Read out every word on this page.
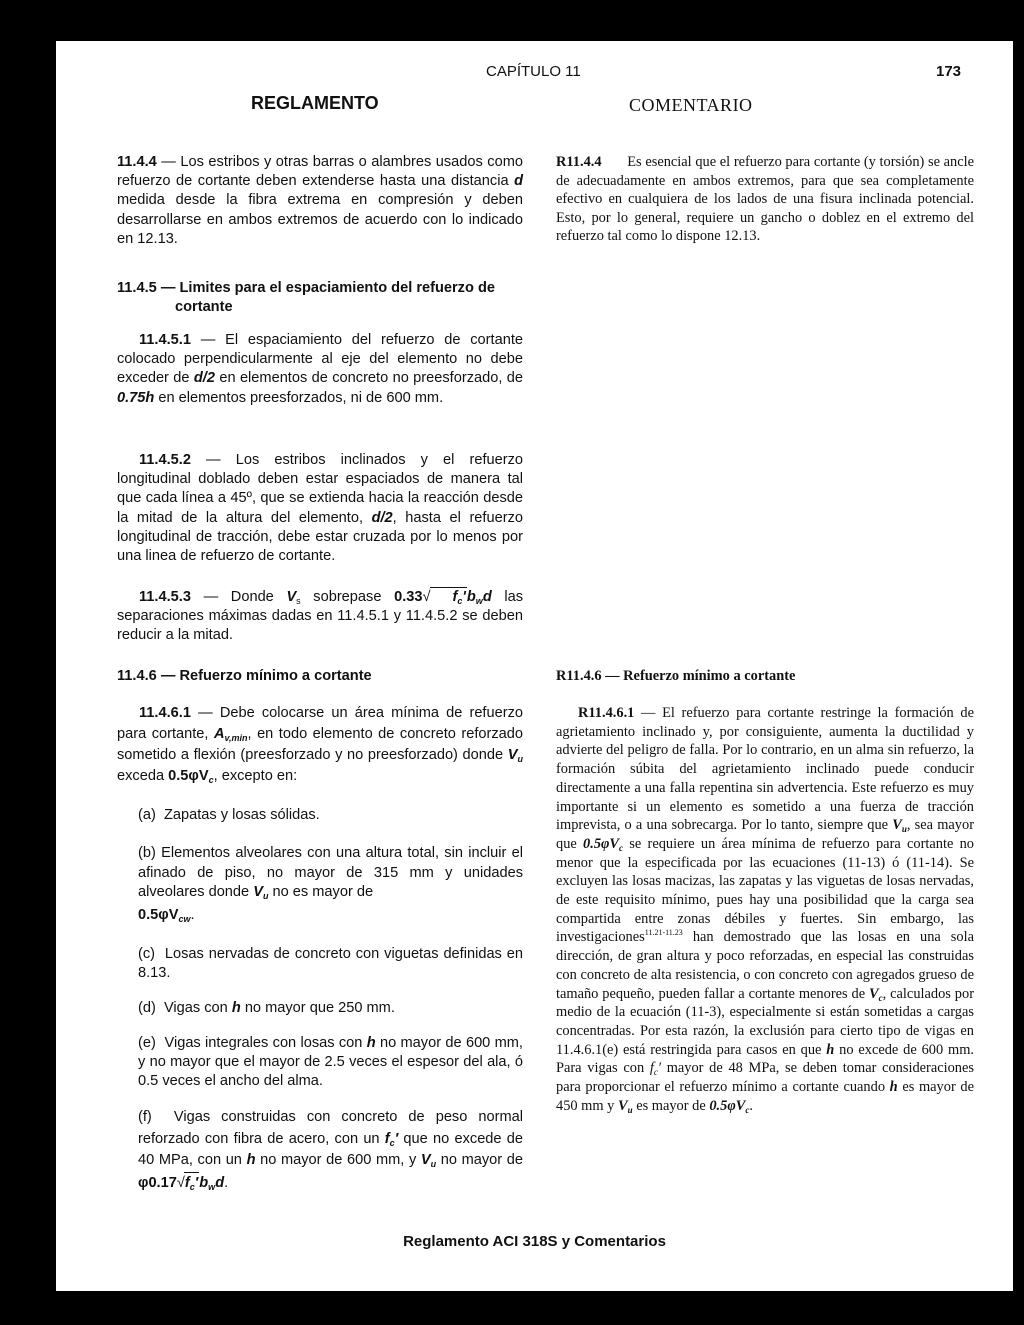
CAPÍTULO 11	173
REGLAMENTO	COMENTARIO
11.4.4 — Los estribos y otras barras o alambres usados como refuerzo de cortante deben extenderse hasta una distancia d medida desde la fibra extrema en compresión y deben desarrollarse en ambos extremos de acuerdo con lo indicado en 12.13.
11.4.5 — Limites para el espaciamiento del refuerzo de
cortante
11.4.5.1 — El espaciamiento del refuerzo de cortante colocado perpendicularmente al eje del elemento no debe exceder de d/2 en elementos de concreto no preesforzado, de 0.75h en elementos preesforzados, ni de 600 mm.
11.4.5.2 — Los estribos inclinados y el refuerzo longitudinal doblado deben estar espaciados de manera tal que cada línea a 45º, que se extienda hacia la reacción desde la mitad de la altura del elemento, d/2, hasta el refuerzo longitudinal de tracción, debe estar cruzada por lo menos por una linea de refuerzo de cortante.
11.4.5.3 — Donde $V_s$ sobrepase 0.33√ $f_c'b_wd$ las separaciones máximas dadas en 11.4.5.1 y 11.4.5.2 se deben reducir a la mitad.
11.4.6 — Refuerzo mínimo a cortante
11.4.6.1 — Debe colocarse un área mínima de refuerzo para cortante, $A_{v,min}$, en todo elemento de concreto reforzado sometido a flexión (preesforzado y no preesforzado) donde $V_u$ exceda $0.5\varphi V_c$, excepto en:
(a) Zapatas y losas sólidas.
(b) Elementos alveolares con una altura total, sin incluir el afinado de piso, no mayor de 315 mm y unidades alveolares donde $V_u$ no es mayor de
$0.5\varphi V_{cw}$.
(c) Losas nervadas de concreto con viguetas definidas en 8.13.
(d) Vigas con h no mayor que 250 mm.
(e) Vigas integrales con losas con h no mayor de 600 mm, y no mayor que el mayor de 2.5 veces el espesor del ala, ó 0.5 veces el ancho del alma.
(f) Vigas construidas con concreto de peso normal reforzado con fibra de acero, con un $f_c'$ que no excede de 40 MPa, con un h no mayor de 600 mm, y $V_u$ no mayor de $\varphi 0.17√f_c'b_wd$.
R11.4.4 Es esencial que el refuerzo para cortante (y torsión) se ancle de adecuadamente en ambos extremos, para que sea completamente efectivo en cualquiera de los lados de una fisura inclinada potencial. Esto, por lo general, requiere un gancho o doblez en el extremo del refuerzo tal como lo dispone 12.13.
R11.4.6 — Refuerzo mínimo a cortante
R11.4.6.1 — El refuerzo para cortante restringe la formación de agrietamiento inclinado y, por consiguiente, aumenta la ductilidad y advierte del peligro de falla. Por lo contrario, en un alma sin refuerzo, la formación súbita del agrietamiento inclinado puede conducir directamente a una falla repentina sin advertencia. Este refuerzo es muy importante si un elemento es sometido a una fuerza de tracción imprevista, o a una sobrecarga. Por lo tanto, siempre que $V_u$, sea mayor que $0.5\varphi V_c$ se requiere un área mínima de refuerzo para cortante no menor que la especificada por las ecuaciones (11-13) ó (11-14). Se excluyen las losas macizas, las zapatas y las viguetas de losas nervadas, de este requisito mínimo, pues hay una posibilidad que la carga sea compartida entre zonas débiles y fuertes. Sin embargo, las investigaciones$^{11.21-11.23}$ han demostrado que las losas en una sola dirección, de gran altura y poco reforzadas, en especial las construidas con concreto de alta resistencia, o con concreto con agregados grueso de tamaño pequeño, pueden fallar a cortante menores de $V_c$, calculados por medio de la ecuación (11-3), especialmente si están sometidas a cargas concentradas. Por esta razón, la exclusión para cierto tipo de vigas en 11.4.6.1(e) está restringida para casos en que h no excede de 600 mm. Para vigas con $f_c'$ mayor de 48 MPa, se deben tomar consideraciones para proporcionar el refuerzo mínimo a cortante cuando h es mayor de 450 mm y $V_u$ es mayor de $0.5\varphi V_c$.
Reglamento ACI 318S y Comentarios
